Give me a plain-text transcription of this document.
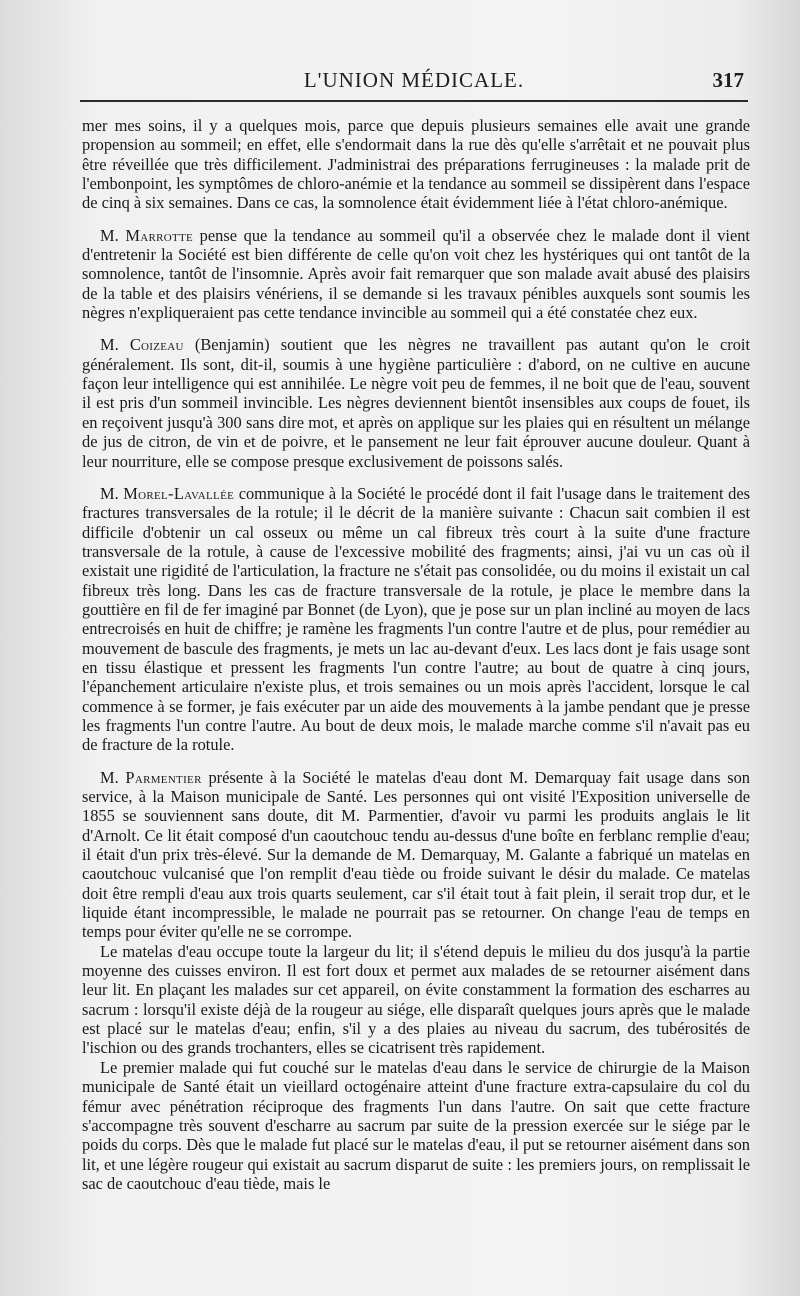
L'UNION MÉDICALE.	317

mer mes soins, il y a quelques mois, parce que depuis plusieurs semaines elle avait une grande propension au sommeil; en effet, elle s'endormait dans la rue dès qu'elle s'arrêtait et ne pouvait plus être réveillée que très difficilement. J'administrai des préparations ferrugineuses : la malade prit de l'embonpoint, les symptômes de chloro-anémie et la tendance au sommeil se dissipèrent dans l'espace de cinq à six semaines. Dans ce cas, la somnolence était évidemment liée à l'état chloro-anémique.

M. Marrotte pense que la tendance au sommeil qu'il a observée chez le malade dont il vient d'entretenir la Société est bien différente de celle qu'on voit chez les hystériques qui ont tantôt de la somnolence, tantôt de l'insomnie. Après avoir fait remarquer que son malade avait abusé des plaisirs de la table et des plaisirs vénériens, il se demande si les travaux pénibles auxquels sont soumis les nègres n'expliqueraient pas cette tendance invincible au sommeil qui a été constatée chez eux.

M. Coizeau (Benjamin) soutient que les nègres ne travaillent pas autant qu'on le croit généralement. Ils sont, dit-il, soumis à une hygiène particulière : d'abord, on ne cultive en aucune façon leur intelligence qui est annihilée. Le nègre voit peu de femmes, il ne boit que de l'eau, souvent il est pris d'un sommeil invincible. Les nègres deviennent bientôt insensibles aux coups de fouet, ils en reçoivent jusqu'à 300 sans dire mot, et après on applique sur les plaies qui en résultent un mélange de jus de citron, de vin et de poivre, et le pansement ne leur fait éprouver aucune douleur. Quant à leur nourriture, elle se compose presque exclusivement de poissons salés.

M. Morel-Lavallée communique à la Société le procédé dont il fait l'usage dans le traitement des fractures transversales de la rotule; il le décrit de la manière suivante : Chacun sait combien il est difficile d'obtenir un cal osseux ou même un cal fibreux très court à la suite d'une fracture transversale de la rotule, à cause de l'excessive mobilité des fragments; ainsi, j'ai vu un cas où il existait une rigidité de l'articulation, la fracture ne s'était pas consolidée, ou du moins il existait un cal fibreux très long. Dans les cas de fracture transversale de la rotule, je place le membre dans la gouttière en fil de fer imaginé par Bonnet (de Lyon), que je pose sur un plan incliné au moyen de lacs entrecroisés en huit de chiffre; je ramène les fragments l'un contre l'autre et de plus, pour remédier au mouvement de bascule des fragments, je mets un lac au-devant d'eux. Les lacs dont je fais usage sont en tissu élastique et pressent les fragments l'un contre l'autre; au bout de quatre à cinq jours, l'épanchement articulaire n'existe plus, et trois semaines ou un mois après l'accident, lorsque le cal commence à se former, je fais exécuter par un aide des mouvements à la jambe pendant que je presse les fragments l'un contre l'autre. Au bout de deux mois, le malade marche comme s'il n'avait pas eu de fracture de la rotule.

M. Parmentier présente à la Société le matelas d'eau dont M. Demarquay fait usage dans son service, à la Maison municipale de Santé. Les personnes qui ont visité l'Exposition universelle de 1855 se souviennent sans doute, dit M. Parmentier, d'avoir vu parmi les produits anglais le lit d'Arnolt. Ce lit était composé d'un caoutchouc tendu au-dessus d'une boîte en ferblanc remplie d'eau; il était d'un prix très-élevé. Sur la demande de M. Demarquay, M. Galante a fabriqué un matelas en caoutchouc vulcanisé que l'on remplit d'eau tiède ou froide suivant le désir du malade. Ce matelas doit être rempli d'eau aux trois quarts seulement, car s'il était tout à fait plein, il serait trop dur, et le liquide étant incompressible, le malade ne pourrait pas se retourner. On change l'eau de temps en temps pour éviter qu'elle ne se corrompe.

Le matelas d'eau occupe toute la largeur du lit; il s'étend depuis le milieu du dos jusqu'à la partie moyenne des cuisses environ. Il est fort doux et permet aux malades de se retourner aisément dans leur lit. En plaçant les malades sur cet appareil, on évite constamment la formation des escharres au sacrum : lorsqu'il existe déjà de la rougeur au siége, elle disparaît quelques jours après que le malade est placé sur le matelas d'eau; enfin, s'il y a des plaies au niveau du sacrum, des tubérosités de l'ischion ou des grands trochanters, elles se cicatrisent très rapidement.

Le premier malade qui fut couché sur le matelas d'eau dans le service de chirurgie de la Maison municipale de Santé était un vieillard octogénaire atteint d'une fracture extra-capsulaire du col du fémur avec pénétration réciproque des fragments l'un dans l'autre. On sait que cette fracture s'accompagne très souvent d'escharre au sacrum par suite de la pression exercée sur le siége par le poids du corps. Dès que le malade fut placé sur le matelas d'eau, il put se retourner aisément dans son lit, et une légère rougeur qui existait au sacrum disparut de suite : les premiers jours, on remplissait le sac de caoutchouc d'eau tiède, mais le
